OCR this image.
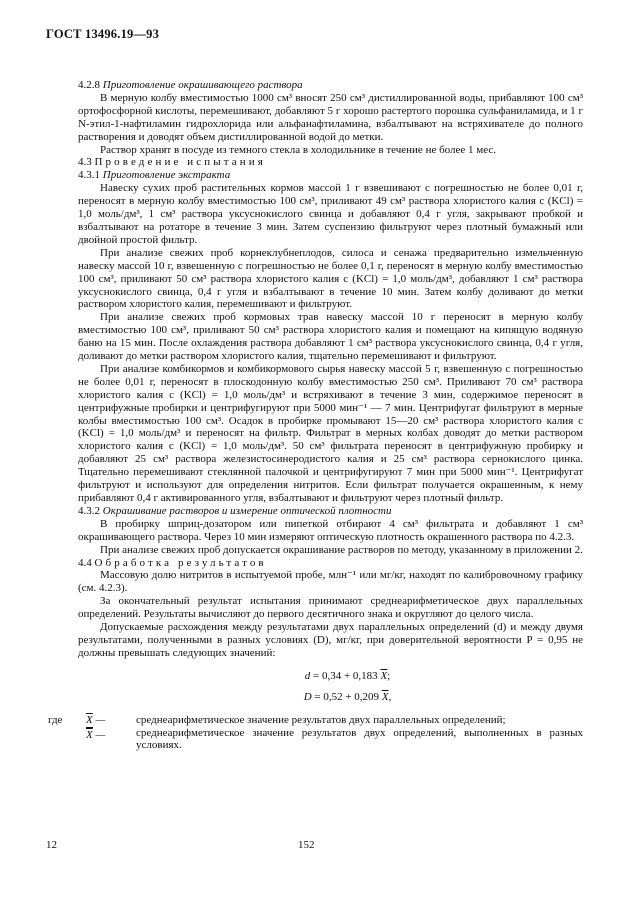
ГОСТ 13496.19—93

4.2.8 Приготовление окрашивающего раствора

В мерную колбу вместимостью 1000 см³ вносят 250 см³ дистиллированной воды, прибавляют 100 см³ ортофосфорной кислоты, перемешивают, добавляют 5 г хорошо растертого порошка сульфаниламида, и 1 г N-этил-1-нафтиламин гидрохлорида или альфанафтиламина, взбалтывают на встряхивателе до полного растворения и доводят объем дистиллированной водой до метки.

Раствор хранят в посуде из темного стекла в холодильнике в течение не более 1 мес.

4.3 Проведение испытания

4.3.1 Приготовление экстракта

Навеску сухих проб растительных кормов массой 1 г взвешивают с погрешностью не более 0,01 г, переносят в мерную колбу вместимостью 100 см³, приливают 49 см³ раствора хлористого калия c (KCl) = 1,0 моль/дм³, 1 см³ раствора уксуснокислого свинца и добавляют 0,4 г угля, закрывают пробкой и взбалтывают на ротаторе в течение 3 мин. Затем суспензию фильтруют через плотный бумажный или двойной простой фильтр.

При анализе свежих проб корнеклубнеплодов, силоса и сенажа предварительно измельченную навеску массой 10 г, взвешенную с погрешностью не более 0,1 г, переносят в мерную колбу вместимостью 100 см³, приливают 50 см³ раствора хлористого калия c (KCl) = 1,0 моль/дм³, добавляют 1 см³ раствора уксуснокислого свинца, 0,4 г угля и взбалтывают в течение 10 мин. Затем колбу доливают до метки раствором хлористого калия, перемешивают и фильтруют.

При анализе свежих проб кормовых трав навеску массой 10 г переносят в мерную колбу вместимостью 100 см³, приливают 50 см³ раствора хлористого калия и помещают на кипящую водяную баню на 15 мин. После охлаждения раствора добавляют 1 см³ раствора уксуснокислого свинца, 0,4 г угля, доливают до метки раствором хлористого калия, тщательно перемешивают и фильтруют.

При анализе комбикормов и комбикормового сырья навеску массой 5 г, взвешенную с погрешностью не более 0,01 г, переносят в плоскодонную колбу вместимостью 250 см³. Приливают 70 см³ раствора хлористого калия c (KCl) = 1,0 моль/дм³ и встряхивают в течение 3 мин, содержимое переносят в центрифужные пробирки и центрифугируют при 5000 мин⁻¹ — 7 мин. Центрифугат фильтруют в мерные колбы вместимостью 100 см³. Осадок в пробирке промывают 15—20 см³ раствора хлористого калия c (KCl) = 1,0 моль/дм³ и переносят на фильтр. Фильтрат в мерных колбах доводят до метки раствором хлористого калия c (KCl) = 1,0 моль/дм³. 50 см³ фильтрата переносят в центрифужную пробирку и добавляют 25 см³ раствора железистосинеродистого калия и 25 см³ раствора сернокислого цинка. Тщательно перемешивают стеклянной палочкой и центрифугируют 7 мин при 5000 мин⁻¹. Центрифугат фильтруют и используют для определения нитритов. Если фильтрат получается окрашенным, к нему прибавляют 0,4 г активированного угля, взбалтывают и фильтруют через плотный фильтр.

4.3.2 Окрашивание растворов и измерение оптической плотности

В пробирку шприц-дозатором или пипеткой отбирают 4 см³ фильтрата и добавляют 1 см³ окрашивающего раствора. Через 10 мин измеряют оптическую плотность окрашенного раствора по 4.2.3.

При анализе свежих проб допускается окрашивание растворов по методу, указанному в приложении 2.

4.4 Обработка результатов

Массовую долю нитритов в испытуемой пробе, млн⁻¹ или мг/кг, находят по калибровочному графику (см. 4.2.3).

За окончательный результат испытания принимают среднеарифметическое двух параллельных определений. Результаты вычисляют до первого десятичного знака и округляют до целого числа.

Допускаемые расхождения между результатами двух параллельных определений (d) и между двумя результатами, полученными в разных условиях (D), мг/кг, при доверительной вероятности P = 0,95 не должны превышать следующих значений:

d = 0,34 + 0,183 $\overline{X}$;
D = 0,52 + 0,209 $\overline{X}$,
где $\overline{X}$ —	среднеарифметическое значение результатов двух параллельных определений;
$\overline{X}$ —	среднеарифметическое значение результатов двух определений, выполненных в разных условиях.
12	152
